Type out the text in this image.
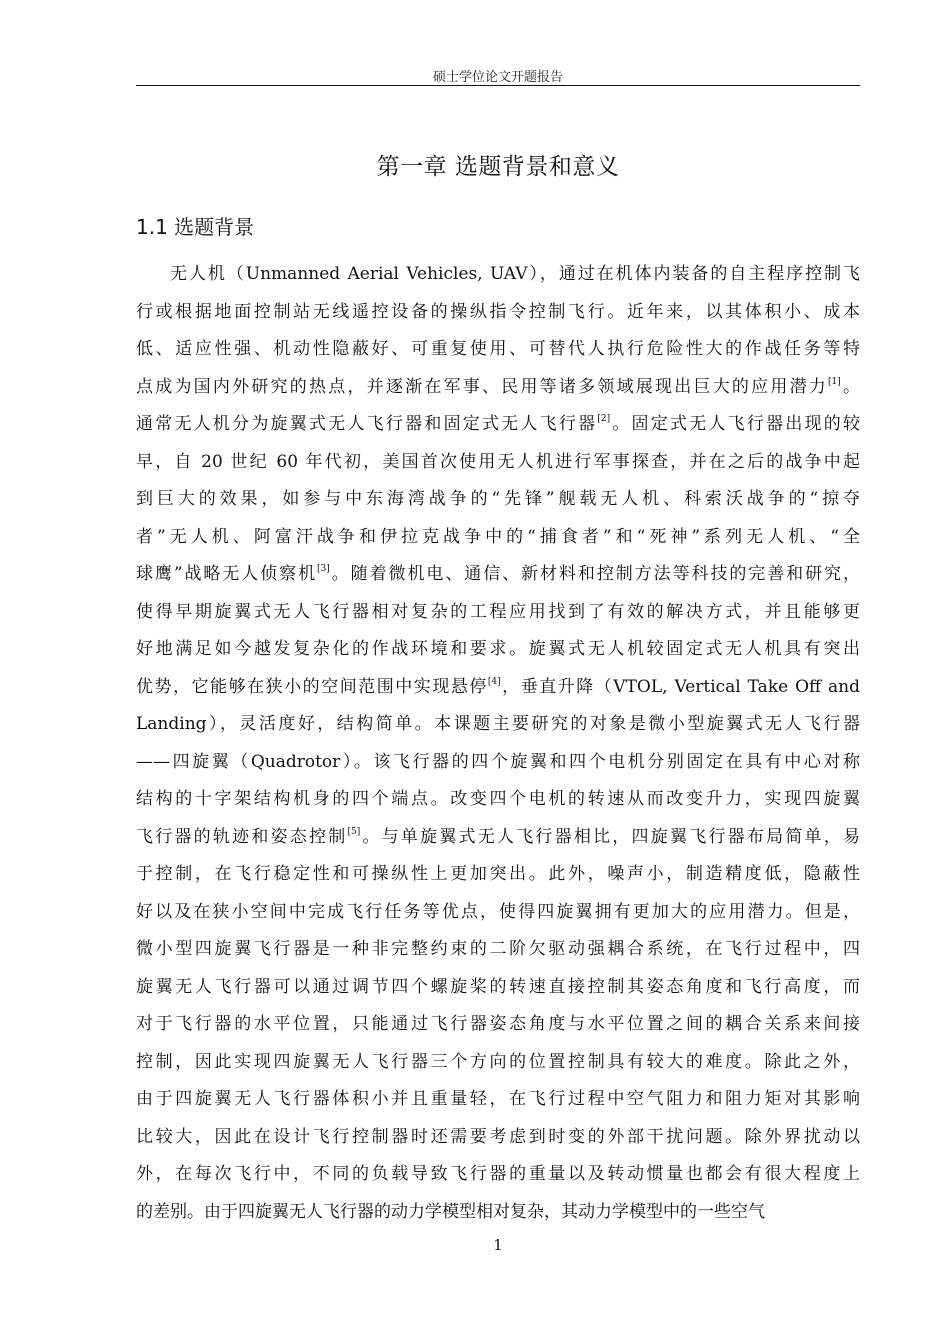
硕士学位论文开题报告
第一章 选题背景和意义
1.1 选题背景
无人机（Unmanned Aerial Vehicles, UAV），通过在机体内装备的自主程序控制飞
行或根据地面控制站无线遥控设备的操纵指令控制飞行。近年来，以其体积小、成本
低、适应性强、机动性隐蔽好、可重复使用、可替代人执行危险性大的作战任务等特
点成为国内外研究的热点，并逐渐在军事、民用等诸多领域展现出巨大的应用潜力[1]。
通常无人机分为旋翼式无人飞行器和固定式无人飞行器[2]。固定式无人飞行器出现的较
早，自 20 世纪 60 年代初，美国首次使用无人机进行军事探查，并在之后的战争中起
到巨大的效果，如参与中东海湾战争的“先锋”舰载无人机、科索沃战争的“掠夺
者”无人机、阿富汗战争和伊拉克战争中的“捕食者”和“死神”系列无人机、“全
球鹰”战略无人侦察机[3]。随着微机电、通信、新材料和控制方法等科技的完善和研究，
使得早期旋翼式无人飞行器相对复杂的工程应用找到了有效的解决方式，并且能够更
好地满足如今越发复杂化的作战环境和要求。旋翼式无人机较固定式无人机具有突出
优势，它能够在狭小的空间范围中实现悬停[4]，垂直升降（VTOL, Vertical Take Off and
Landing），灵活度好，结构简单。本课题主要研究的对象是微小型旋翼式无人飞行器
——四旋翼（Quadrotor）。该飞行器的四个旋翼和四个电机分别固定在具有中心对称
结构的十字架结构机身的四个端点。改变四个电机的转速从而改变升力，实现四旋翼
飞行器的轨迹和姿态控制[5]。与单旋翼式无人飞行器相比，四旋翼飞行器布局简单，易
于控制，在飞行稳定性和可操纵性上更加突出。此外，噪声小，制造精度低，隐蔽性
好以及在狭小空间中完成飞行任务等优点，使得四旋翼拥有更加大的应用潜力。但是，
微小型四旋翼飞行器是一种非完整约束的二阶欠驱动强耦合系统，在飞行过程中，四
旋翼无人飞行器可以通过调节四个螺旋桨的转速直接控制其姿态角度和飞行高度，而
对于飞行器的水平位置，只能通过飞行器姿态角度与水平位置之间的耦合关系来间接
控制，因此实现四旋翼无人飞行器三个方向的位置控制具有较大的难度。除此之外，
由于四旋翼无人飞行器体积小并且重量轻，在飞行过程中空气阻力和阻力矩对其影响
比较大，因此在设计飞行控制器时还需要考虑到时变的外部干扰问题。除外界扰动以
外，在每次飞行中，不同的负载导致飞行器的重量以及转动惯量也都会有很大程度上
的差别。由于四旋翼无人飞行器的动力学模型相对复杂，其动力学模型中的一些空气
1
